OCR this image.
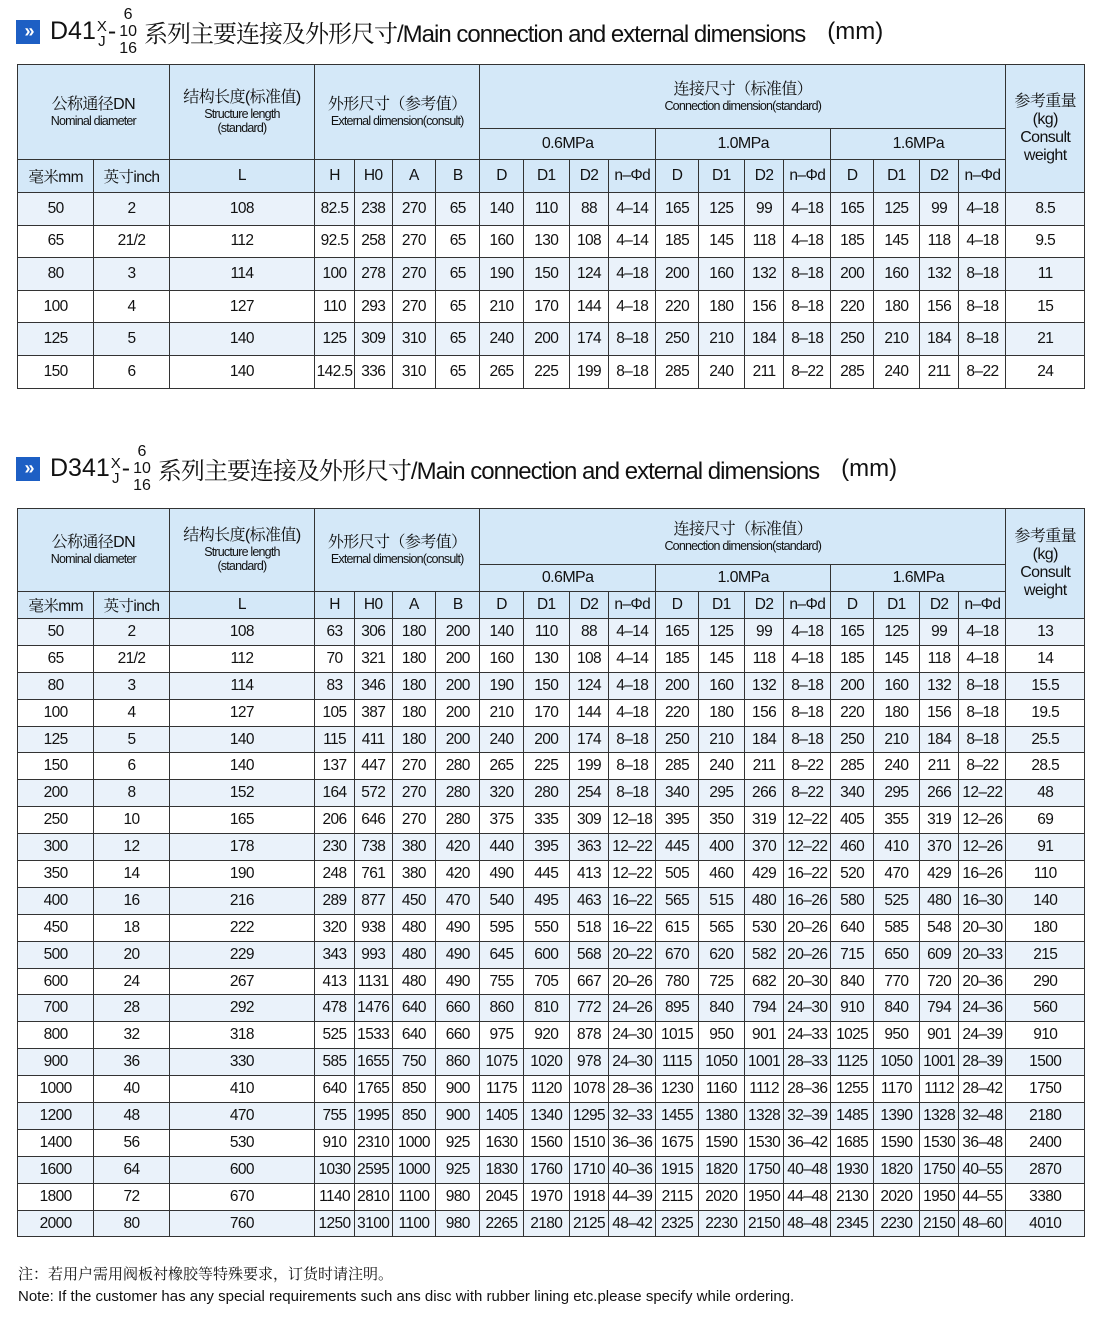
» D41 X
J -
6
10
16
系列主要连接及外形尺寸/Main connection and external dimensions (mm)
公称通径DN
Nominal diameter		结构长度(标准值)
Structure length
(standard)	外形尺寸（参考值）
External dimension(consult)				连接尺寸（标准值）
Connection dimension(standard)												参考重量
(kg)
Consult
weight

							0.6MPa				1.0MPa				1.6MPa				

毫米mm	英寸inch	L	H	H0	A	B	D	D1	D2	n–Φd	D	D1	D2	n–Φd	D	D1	D2	n–Φd	
50	2	108	82.5	238	270	65	140	110	88	4–14	165	125	99	4–18	165	125	99	4–18	8.5
65	21/2	112	92.5	258	270	65	160	130	108	4–14	185	145	118	4–18	185	145	118	4–18	9.5
80	3	114	100	278	270	65	190	150	124	4–18	200	160	132	8–18	200	160	132	8–18	11
100	4	127	110	293	270	65	210	170	144	4–18	220	180	156	8–18	220	180	156	8–18	15
125	5	140	125	309	310	65	240	200	174	8–18	250	210	184	8–18	250	210	184	8–18	21
150	6	140	142.5	336	310	65	265	225	199	8–18	285	240	211	8–22	285	240	211	8–22	24
» D341 X
J -
6
10
16
系列主要连接及外形尺寸/Main connection and external dimensions (mm)
公称通径DN
Nominal diameter		结构长度(标准值)
Structure length
(standard)	外形尺寸（参考值）
External dimension(consult)				连接尺寸（标准值）
Connection dimension(standard)												参考重量
(kg)
Consult
weight

							0.6MPa				1.0MPa				1.6MPa				

毫米mm	英寸inch	L	H	H0	A	B	D	D1	D2	n–Φd	D	D1	D2	n–Φd	D	D1	D2	n–Φd	
50	2	108	63	306	180	200	140	110	88	4–14	165	125	99	4–18	165	125	99	4–18	13
65	21/2	112	70	321	180	200	160	130	108	4–14	185	145	118	4–18	185	145	118	4–18	14
80	3	114	83	346	180	200	190	150	124	4–18	200	160	132	8–18	200	160	132	8–18	15.5
100	4	127	105	387	180	200	210	170	144	4–18	220	180	156	8–18	220	180	156	8–18	19.5
125	5	140	115	411	180	200	240	200	174	8–18	250	210	184	8–18	250	210	184	8–18	25.5
150	6	140	137	447	270	280	265	225	199	8–18	285	240	211	8–22	285	240	211	8–22	28.5
200	8	152	164	572	270	280	320	280	254	8–18	340	295	266	8–22	340	295	266	12–22	48
250	10	165	206	646	270	280	375	335	309	12–18	395	350	319	12–22	405	355	319	12–26	69
300	12	178	230	738	380	420	440	395	363	12–22	445	400	370	12–22	460	410	370	12–26	91
350	14	190	248	761	380	420	490	445	413	12–22	505	460	429	16–22	520	470	429	16–26	110
400	16	216	289	877	450	470	540	495	463	16–22	565	515	480	16–26	580	525	480	16–30	140
450	18	222	320	938	480	490	595	550	518	16–22	615	565	530	20–26	640	585	548	20–30	180
500	20	229	343	993	480	490	645	600	568	20–22	670	620	582	20–26	715	650	609	20–33	215
600	24	267	413	1131	480	490	755	705	667	20–26	780	725	682	20–30	840	770	720	20–36	290
700	28	292	478	1476	640	660	860	810	772	24–26	895	840	794	24–30	910	840	794	24–36	560
800	32	318	525	1533	640	660	975	920	878	24–30	1015	950	901	24–33	1025	950	901	24–39	910
900	36	330	585	1655	750	860	1075	1020	978	24–30	1115	1050	1001	28–33	1125	1050	1001	28–39	1500
1000	40	410	640	1765	850	900	1175	1120	1078	28–36	1230	1160	1112	28–36	1255	1170	1112	28–42	1750
1200	48	470	755	1995	850	900	1405	1340	1295	32–33	1455	1380	1328	32–39	1485	1390	1328	32–48	2180
1400	56	530	910	2310	1000	925	1630	1560	1510	36–36	1675	1590	1530	36–42	1685	1590	1530	36–48	2400
1600	64	600	1030	2595	1000	925	1830	1760	1710	40–36	1915	1820	1750	40–48	1930	1820	1750	40–55	2870
1800	72	670	1140	2810	1100	980	2045	1970	1918	44–39	2115	2020	1950	44–48	2130	2020	1950	44–55	3380
2000	80	760	1250	3100	1100	980	2265	2180	2125	48–42	2325	2230	2150	48–48	2345	2230	2150	48–60	4010
注：若用户需用阀板衬橡胶等特殊要求，订货时请注明。
Note: If the customer has any special requirements such ans disc with rubber lining etc.please specify while ordering.
